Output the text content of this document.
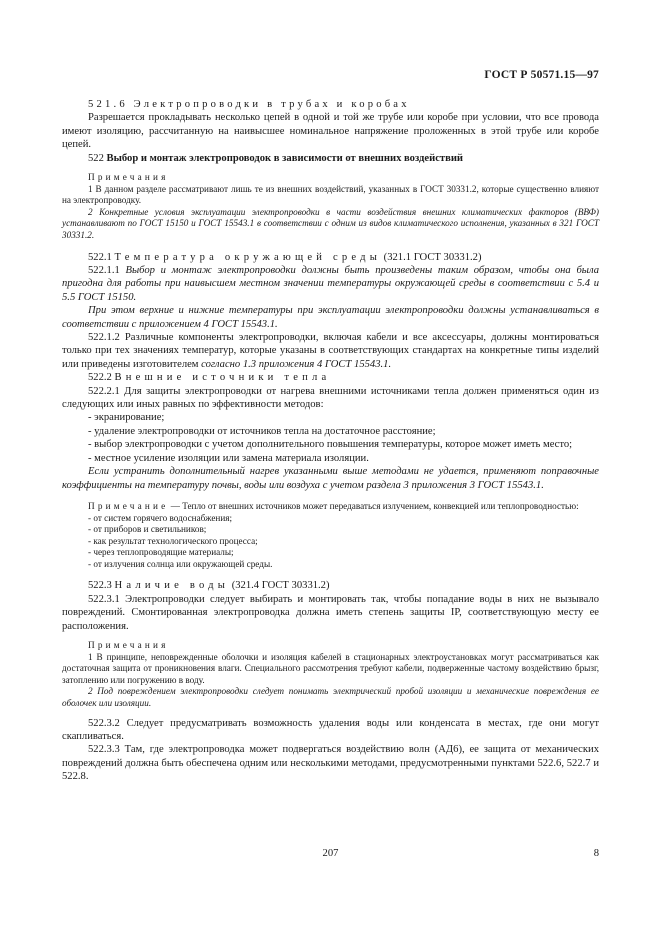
ГОСТ Р 50571.15—97

521.6 Электропроводки в трубах и коробах

Разрешается прокладывать несколько цепей в одной и той же трубе или коробе при условии, что все провода имеют изоляцию, рассчитанную на наивысшее номинальное напряжение проложенных в этой трубе или коробе цепей.

522 Выбор и монтаж электропроводок в зависимости от внешних воздействий

Примечания

1 В данном разделе рассматривают лишь те из внешних воздействий, указанных в ГОСТ 30331.2, которые существенно влияют на электропроводку.

2 Конкретные условия эксплуатации электропроводки в части воздействия внешних климатических факторов (ВВФ) устанавливают по ГОСТ 15150 и ГОСТ 15543.1 в соответствии с одним из видов климатического исполнения, указанных в 321 ГОСТ 30331.2.

522.1 Температура окружающей среды (321.1 ГОСТ 30331.2)

522.1.1 Выбор и монтаж электропроводки должны быть произведены таким образом, чтобы она была пригодна для работы при наивысшем местном значении температуры окружающей среды в соответствии с 5.4 и 5.5 ГОСТ 15150.

При этом верхние и нижние температуры при эксплуатации электропроводки должны устанавливаться в соответствии с приложением 4 ГОСТ 15543.1.

522.1.2 Различные компоненты электропроводки, включая кабели и все аксессуары, должны монтироваться только при тех значениях температур, которые указаны в соответствующих стандартах на конкретные типы изделий или приведены изготовителем согласно 1.3 приложения 4 ГОСТ 15543.1.

522.2 Внешние источники тепла

522.2.1 Для защиты электропроводки от нагрева внешними источниками тепла должен применяться один из следующих или иных равных по эффективности методов:

- экранирование;

- удаление электропроводки от источников тепла на достаточное расстояние;

- выбор электропроводки с учетом дополнительного повышения температуры, которое может иметь место;

- местное усиление изоляции или замена материала изоляции.

Если устранить дополнительный нагрев указанными выше методами не удается, применяют поправочные коэффициенты на температуру почвы, воды или воздуха с учетом раздела 3 приложения 3 ГОСТ 15543.1.

Примечание — Тепло от внешних источников может передаваться излучением, конвекцией или теплопроводностью:

- от систем горячего водоснабжения;

- от приборов и светильников;

- как результат технологического процесса;

- через теплопроводящие материалы;

- от излучения солнца или окружающей среды.

522.3 Наличие воды (321.4 ГОСТ 30331.2)

522.3.1 Электропроводки следует выбирать и монтировать так, чтобы попадание воды в них не вызывало повреждений. Смонтированная электропроводка должна иметь степень защиты IP, соответствующую месту ее расположения.

Примечания

1 В принципе, неповрежденные оболочки и изоляция кабелей в стационарных электроустановках могут рассматриваться как достаточная защита от проникновения влаги. Специального рассмотрения требуют кабели, подверженные частому воздействию брызг, затоплению или погружению в воду.

2 Под повреждением электропроводки следует понимать электрический пробой изоляции и механические повреждения ее оболочек или изоляции.

522.3.2 Следует предусматривать возможность удаления воды или конденсата в местах, где они могут скапливаться.

522.3.3 Там, где электропроводка может подвергаться воздействию волн (АД6), ее защита от механических повреждений должна быть обеспечена одним или несколькими методами, предусмотренными пунктами 522.6, 522.7 и 522.8.

207	8
